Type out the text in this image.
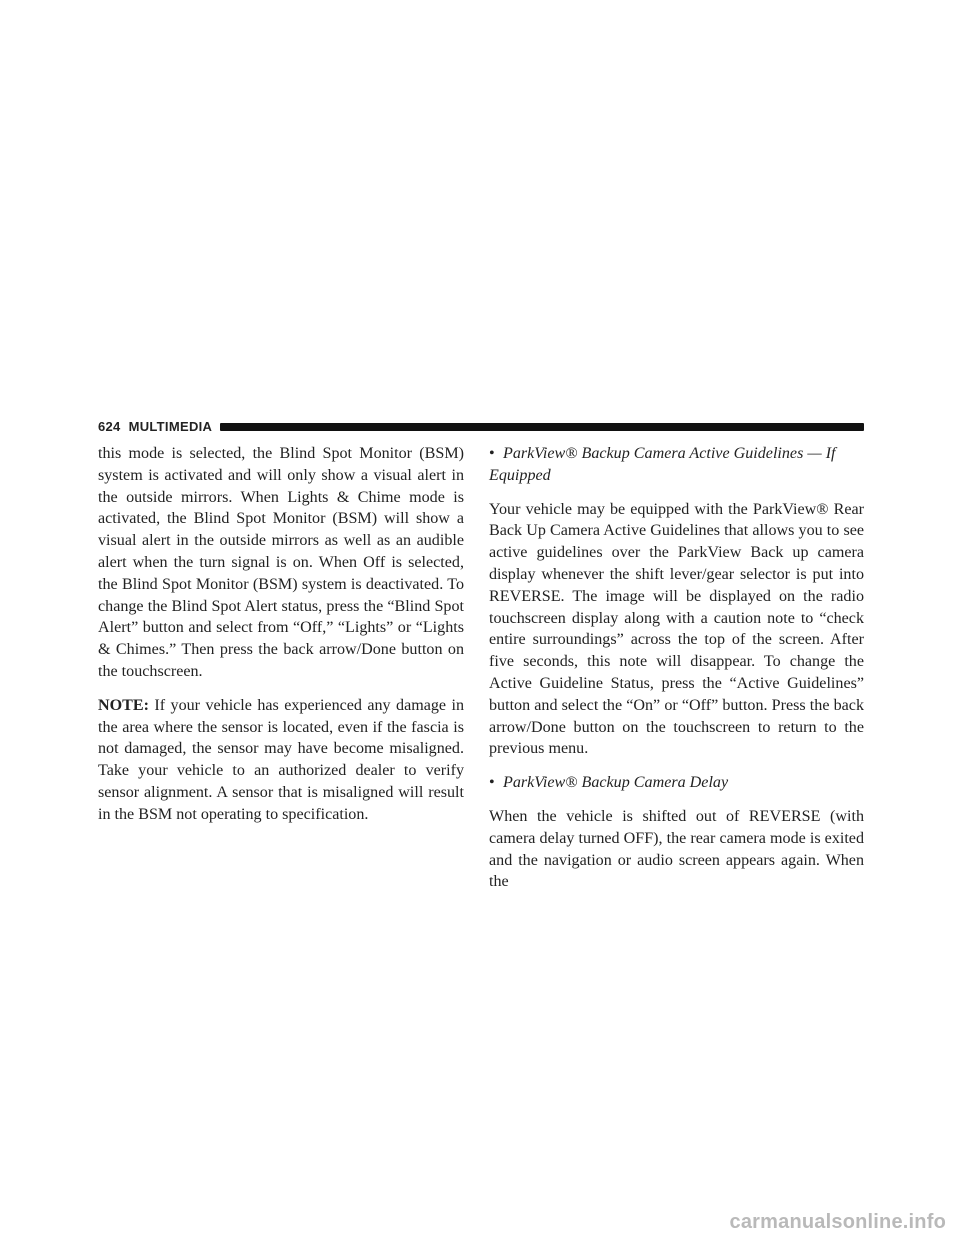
624 MULTIMEDIA

this mode is selected, the Blind Spot Monitor (BSM) system is activated and will only show a visual alert in the outside mirrors. When Lights & Chime mode is activated, the Blind Spot Monitor (BSM) will show a visual alert in the outside mirrors as well as an audible alert when the turn signal is on. When Off is selected, the Blind Spot Monitor (BSM) system is deactivated. To change the Blind Spot Alert status, press the “Blind Spot Alert” button and select from “Off,” “Lights” or “Lights & Chimes.” Then press the back arrow/Done button on the touchscreen.

NOTE: If your vehicle has experienced any damage in the area where the sensor is located, even if the fascia is not damaged, the sensor may have become misaligned. Take your vehicle to an authorized dealer to verify sensor alignment. A sensor that is misaligned will result in the BSM not operating to specification.

• ParkView® Backup Camera Active Guidelines — If Equipped

Your vehicle may be equipped with the ParkView® Rear Back Up Camera Active Guidelines that allows you to see active guidelines over the ParkView Back up camera display whenever the shift lever/gear selector is put into REVERSE. The image will be displayed on the radio touchscreen display along with a caution note to “check entire surroundings” across the top of the screen. After five seconds, this note will disappear. To change the Active Guideline Status, press the “Active Guidelines” button and select the “On” or “Off” button. Press the back arrow/Done button on the touchscreen to return to the previous menu.

• ParkView® Backup Camera Delay

When the vehicle is shifted out of REVERSE (with camera delay turned OFF), the rear camera mode is exited and the navigation or audio screen appears again. When the

carmanualsonline.info
